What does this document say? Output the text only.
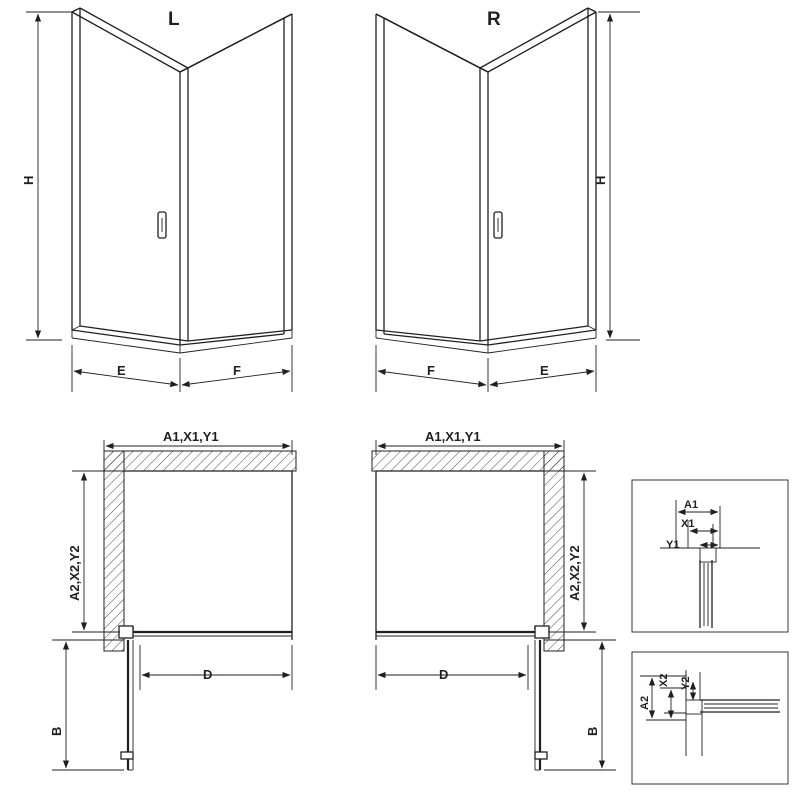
H
L
E	F
H
R
F	E
A1,X1,Y1
D
A2,X2,Y2
B
A1,X1,Y1
D
A2,X2,Y2
B
A1
X1
Y1
A2
X2 Y2
